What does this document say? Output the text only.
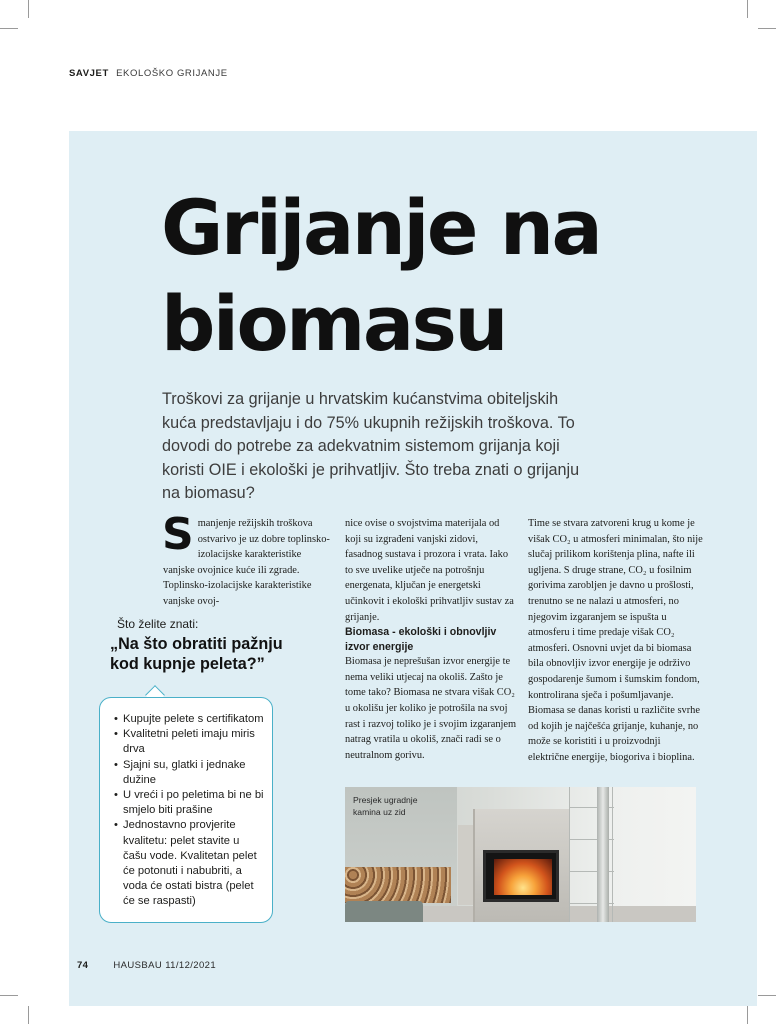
SAVJET EKOLOŠKO GRIJANJE
Grijanje na
biomasu

Troškovi za grijanje u hrvatskim kućanstvima obiteljskih kuća predstavljaju i do 75% ukupnih režijskih troškova. To dovodi do potrebe za adekvatnim sistemom grijanja koji koristi OIE i ekološki je prihvatljiv. Što treba znati o grijanju na biomasu?

S manjenje režijskih troškova ostvarivo je uz dobre toplinsko-izolacijske karakteristike vanjske ovojnice kuće ili zgrade. Toplinsko-izolacijske karakteristike vanjske ovoj-

nice ovise o svojstvima materijala od koji su izgrađeni vanjski zidovi, fasadnog sustava i prozora i vrata. Iako to sve uvelike utječe na potrošnju energenata, ključan je energetski učinkovit i ekološki prihvatljiv sustav za grijanje.

Biomasa - ekološki i obnovljiv izvor energije

Biomasa je neprešušan izvor energije te nema veliki utjecaj na okoliš. Zašto je tome tako? Biomasa ne stvara višak CO₂ u okolišu jer koliko je potrošila na svoj rast i razvoj toliko je i svojim izgaranjem natrag vratila u okoliš, znači radi se o neutralnom gorivu.

Time se stvara zatvoreni krug u kome je višak CO₂ u atmosferi minimalan, što nije slučaj prilikom korištenja plina, nafte ili ugljena. S druge strane, CO₂ u fosilnim gorivima zarobljen je davno u prošlosti, trenutno se ne nalazi u atmosferi, no njegovim izgaranjem se ispušta u atmosferu i time predaje višak CO₂ atmosferi. Osnovni uvjet da bi biomasa bila obnovljiv izvor energije je održivo gospodarenje šumom i šumskim fondom, kontrolirana sječa i pošumljavanje. Biomasa se danas koristi u različite svrhe od kojih je najčešća grijanje, kuhanje, no može se koristiti i u proizvodnji električne energije, biogoriva i bioplina.

Što želite znati:
„Na što obratiti pažnju kod kupnje peleta?”
• Kupujte pelete s certifikatom
• Kvalitetni peleti imaju miris drva
• Sjajni su, glatki i jednake dužine
• U vreći i po peletima bi ne bi smjelo biti prašine
• Jednostavno provjerite kvalitetu: pelet stavite u čašu vode. Kvalitetan pelet će potonuti i nabubriti, a voda će ostati bistra (pelet će se raspasti)
Presjek ugradnje kamina uz zid
74	HAUSBAU 11/12/2021
